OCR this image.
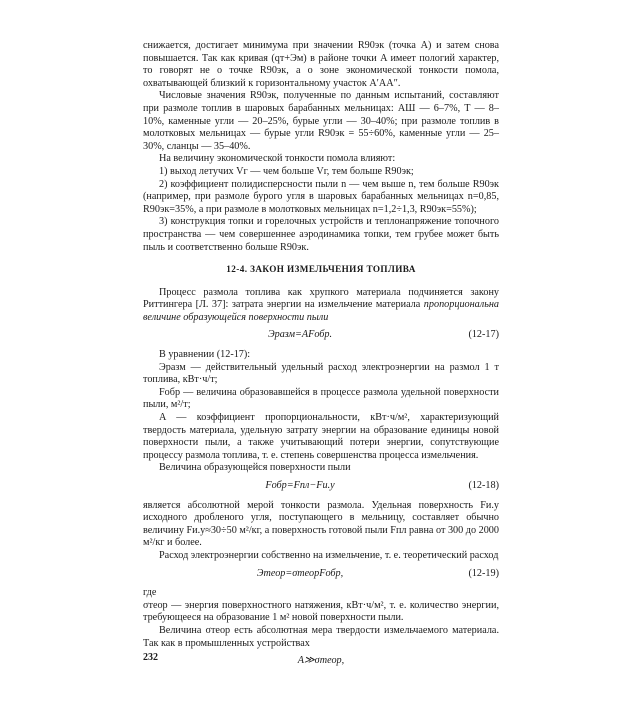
снижается, достигает минимума при значении R90эк (точка A) и затем снова повышается. Так как кривая (qт+Эм) в районе точки A имеет пологий характер, то говорят не о точке R90эк, а о зоне экономической тонкости помола, охватывающей близкий к горизонтальному участок A′AA″.

Числовые значения R90эк, полученные по данным испытаний, составляют при размоле топлив в шаровых барабанных мельницах: АШ — 6–7%, Т — 8–10%, каменные угли — 20–25%, бурые угли — 30–40%; при размоле топлив в молотковых мельницах — бурые угли R90эк = 55÷60%, каменные угли — 25–30%, сланцы — 35–40%.

На величину экономической тонкости помола влияют:

1) выход летучих Vг — чем больше Vг, тем больше R90эк;

2) коэффициент полидисперсности пыли n — чем выше n, тем больше R90эк (например, при размоле бурого угля в шаровых барабанных мельницах n=0,85, R90эк=35%, а при размоле в молотковых мельницах n=1,2÷1,3, R90эк=55%);

3) конструкция топки и горелочных устройств и теплонапряжение топочного пространства — чем совершеннее аэродинамика топки, тем грубее может быть пыль и соответственно больше R90эк.

12-4. ЗАКОН ИЗМЕЛЬЧЕНИЯ ТОПЛИВА

Процесс размола топлива как хрупкого материала подчиняется закону Риттингера [Л. 37]: затрата энергии на измельчение материала пропорциональна величине образующейся поверхности пыли

Эразм=AFобр.	(12-17)

В уравнении (12-17):

Эразм — действительный удельный расход электроэнергии на размол 1 т топлива, кВт·ч/т;

Fобр — величина образовавшейся в процессе размола удельной поверхности пыли, м²/т;

A — коэффициент пропорциональности, кВт·ч/м², характеризующий твердость материала, удельную затрату энергии на образование единицы новой поверхности пыли, а также учитывающий потери энергии, сопутствующие процессу размола топлива, т. е. степень совершенства процесса измельчения.

Величина образующейся поверхности пыли

Fобр=Fпл−Fи.у	(12-18)

является абсолютной мерой тонкости размола. Удельная поверхность Fи.у исходного дробленого угля, поступающего в мельницу, составляет обычно величину Fи.у≈30÷50 м²/кг, а поверхность готовой пыли Fпл равна от 300 до 2000 м²/кг и более.

Расход электроэнергии собственно на измельчение, т. е. теоретический расход

Этеор=σтеорFобр,	(12-19)

где

σтеор — энергия поверхностного натяжения, кВт·ч/м², т. е. количество энергии, требующееся на образование 1 м² новой поверхности пыли.

Величина σтеор есть абсолютная мера твердости измельчаемого материала. Так как в промышленных устройствах

A≫σтеор,
232
